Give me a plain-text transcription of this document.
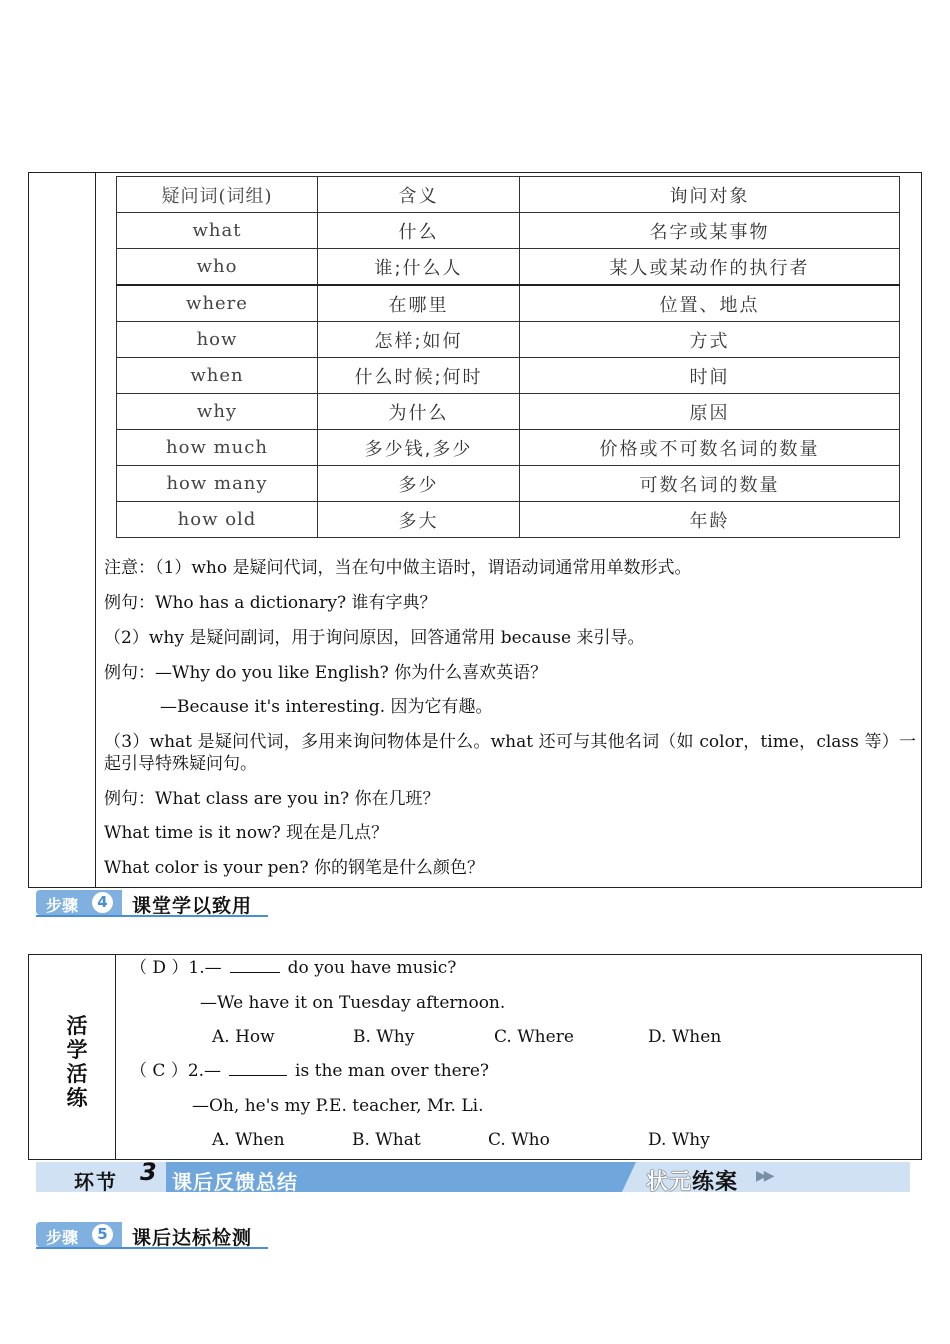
疑问词(词组)	含义	询问对象
what	什么	名字或某事物
who	谁;什么人	某人或某动作的执行者
where	在哪里	位置、地点
how	怎样;如何	方式
when	什么时候;何时	时间
why	为什么	原因
how much	多少钱,多少	价格或不可数名词的数量
how many	多少	可数名词的数量
how old	多大	年龄
注意：（1）who 是疑问代词，当在句中做主语时，谓语动词通常用单数形式。
例句：Who has a dictionary? 谁有字典？
（2）why 是疑问副词，用于询问原因，回答通常用 because 来引导。
例句：—Why do you like English? 你为什么喜欢英语？
—Because it's interesting. 因为它有趣。
（3）what 是疑问代词，多用来询问物体是什么。what 还可与其他名词（如 color，time，class 等）一起引导特殊疑问句。
例句：What class are you in? 你在几班？
What time is it now? 现在是几点？
What color is your pen? 你的钢笔是什么颜色？
步骤	4 课堂学以致用
活
学
活
练
（ D ）1.—	do you have music?
—We have it on Tuesday afternoon.
A. How	B. Why	C. Where	D. When
（ C ）2.—	is the man over there?
—Oh, he's my P.E. teacher, Mr. Li.
A. When	B. What	C. Who	D. Why
环节 3 课后反馈总结	状元练案 ▶▶
步骤	5 课后达标检测
